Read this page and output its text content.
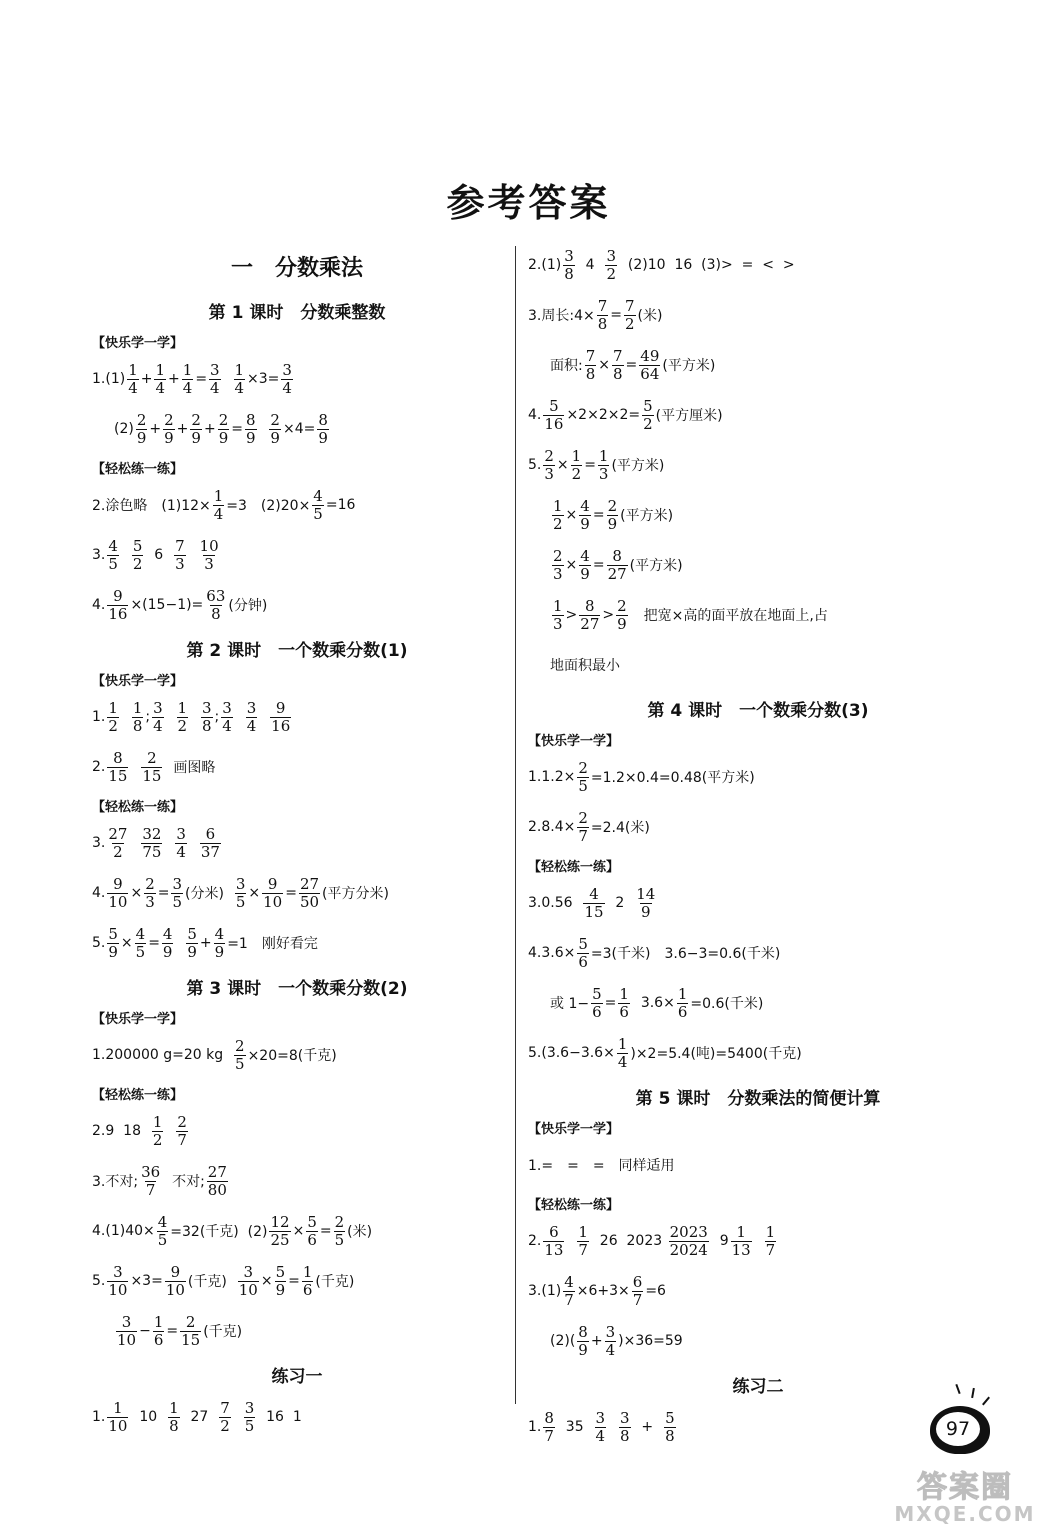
参考答案
一　分数乘法
第 1 课时　分数乘整数
【快乐学一学】
$1.(1) \frac{1}{4} + \frac{1}{4} + \frac{1}{4} = \frac{3}{4}$
$\frac{1}{4} \times 3= \frac{3}{4}$
$(2) \frac{2}{9} + \frac{2}{9} + \frac{2}{9} + \frac{2}{9} = \frac{8}{9}$
$\frac{2}{9} \times 4= \frac{8}{9}$
【轻松练一练】
2.涂色略　$(1)12\times \frac{1}{4} =3$　$(2)20\times \frac{4}{5} =16$
3. $\frac{4}{5}$
$\frac{5}{2} 6 \frac{7}{3}$
$\frac{10}{3}$
4. $\frac{9}{16} \times(15-1)= \frac{63}{8}$ (分钟)
第 2 课时　一个数乘分数(1)
【快乐学一学】
1. $\frac{1}{2}$
$\frac{1}{8}$ ; $\frac{3}{4}$
$\frac{1}{2}$
$\frac{3}{8}$ ; $\frac{3}{4}$
$\frac{3}{4}$
$\frac{9}{16}$
2. $\frac{8}{15}$
$\frac{2}{15}$ 画图略
【轻松练一练】
3. $\frac{27}{2}$
$\frac{32}{75}$
$\frac{3}{4}$
$\frac{6}{37}$
4. $\frac{9}{10} \times \frac{2}{3} = \frac{3}{5}$ (分米) $\frac{3}{5} \times \frac{9}{10} = \frac{27}{50}$ (平方分米)
5. $\frac{5}{9} \times \frac{4}{5} = \frac{4}{9}$
$\frac{5}{9} + \frac{4}{9} =1$　刚好看完
第 3 课时　一个数乘分数(2)
【快乐学一学】
1.200000 g=20 kg $\frac{2}{5} \times 20=8$(千克)
【轻松练一练】
2.9  $18 \frac{1}{2}$
$\frac{2}{7}$
3.不对; $\frac{36}{7}$ 不对; $\frac{27}{80}$
$4.(1)40\times \frac{4}{5} =32$(千克)  $(2) \frac{12}{25} \times \frac{5}{6} = \frac{2}{5}$ (米)
5. $\frac{3}{10} \times 3= \frac{9}{10}$ (千克) $\frac{3}{10} \times \frac{5}{9} = \frac{1}{6}$ (千克)
$\frac{3}{10} - \frac{1}{6} = \frac{2}{15}$ (千克)
练习一
1. $\frac{1}{10} 10 \frac{1}{8} 27 \frac{7}{2}$
$\frac{3}{5} 16$  1
$2.(1) \frac{3}{8} 4 \frac{3}{2} (2)10$  16  (3)>  =  <  >
3.周长:4× $\frac{7}{8} = \frac{7}{2}$ (米)
面积: $\frac{7}{8} \times \frac{7}{8} = \frac{49}{64}$ (平方米)
4. $\frac{5}{16} \times 2\times 2\times 2= \frac{5}{2}$ (平方厘米)
5. $\frac{2}{3} \times \frac{1}{2} = \frac{1}{3}$ (平方米)
$\frac{1}{2} \times \frac{4}{9} = \frac{2}{9}$ (平方米)
$\frac{2}{3} \times \frac{4}{9} = \frac{8}{27}$ (平方米)
$\frac{1}{3} > \frac{8}{27} > \frac{2}{9}$ 　把宽×高的面平放在地面上,占
地面积最小
第 4 课时　一个数乘分数(3)
【快乐学一学】
$1.1.2\times \frac{2}{5} =1.2\times 0.4=0.48$(平方米)
$2.8.4\times \frac{2}{7} =2.4$(米)
【轻松练一练】
$3.0.56 \frac{4}{15} 2 \frac{14}{9}$
$4.3.6\times \frac{5}{6} =3$(千米)　3.6−3=0.6(千米)
或 $1- \frac{5}{6} = \frac{1}{6} 3.6\times \frac{1}{6} =0.6$(千米)
$5.(3.6-3.6\times \frac{1}{4} )\times 2=5.4$(吨)=5400(千克)
第 5 课时　分数乘法的简便计算
【快乐学一学】
1.=　=　=　同样适用
【轻松练一练】
2. $\frac{6}{13}$
$\frac{1}{7} 26$  $2023 \frac{2023}{2024} 9 \frac{1}{13}$
$\frac{1}{7}$
$3.(1) \frac{4}{7} \times 6+3\times \frac{6}{7} =6$
$(2)( \frac{8}{9} + \frac{3}{4} )\times 36=59$
练习二
1. $\frac{8}{7} 35 \frac{3}{4}$
$\frac{3}{8} + \frac{5}{8}$	97
答案圈
MXQE.COM
